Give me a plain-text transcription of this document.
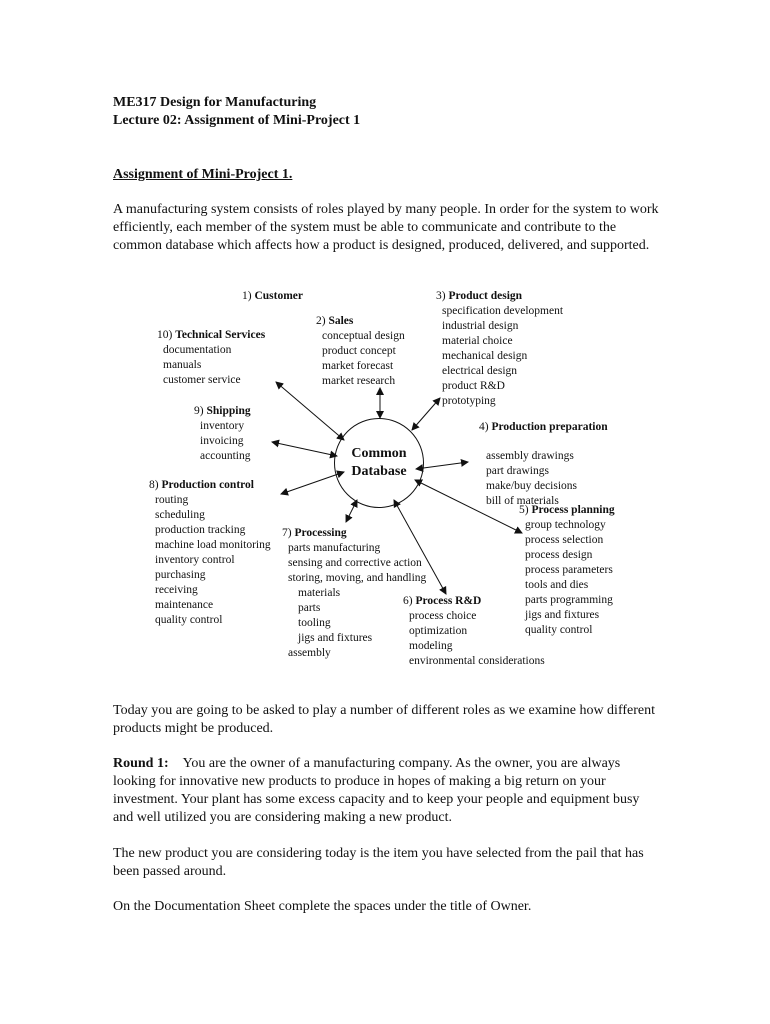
ME317 Design for Manufacturing
Lecture 02: Assignment of Mini-Project 1
Assignment of Mini-Project 1.

A manufacturing system consists of roles played by many people. In order for the system to work efficiently, each member of the system must be able to communicate and contribute to the common database which affects how a product is designed, produced, delivered, and supported.

Common
Database
1) Customer
2) Sales
conceptual design
product concept
market forecast
market research
3) Product design
specification development
industrial design
material choice
mechanical design
electrical design
product R&D
prototyping
4) Production preparation
assembly drawings
part drawings
make/buy decisions
bill of materials
5) Process planning
group technology
process selection
process design
process parameters
tools and dies
parts programming
jigs and fixtures
quality control
6) Process R&D
process choice
optimization
modeling
environmental considerations
7) Processing
parts manufacturing
sensing and corrective action
storing, moving, and handling
materials
parts
tooling
jigs and fixtures
assembly
8) Production control
routing
scheduling
production tracking
machine load monitoring
inventory control
purchasing
receiving
maintenance
quality control
9) Shipping
inventory
invoicing
accounting
10) Technical Services
documentation
manuals
customer service

Today you are going to be asked to play a number of different roles as we examine how different products might be produced.

Round 1: You are the owner of a manufacturing company. As the owner, you are always looking for innovative new products to produce in hopes of making a big return on your investment. Your plant has some excess capacity and to keep your people and equipment busy and well utilized you are considering making a new product.

The new product you are considering today is the item you have selected from the pail that has been passed around.

On the Documentation Sheet complete the spaces under the title of Owner.
